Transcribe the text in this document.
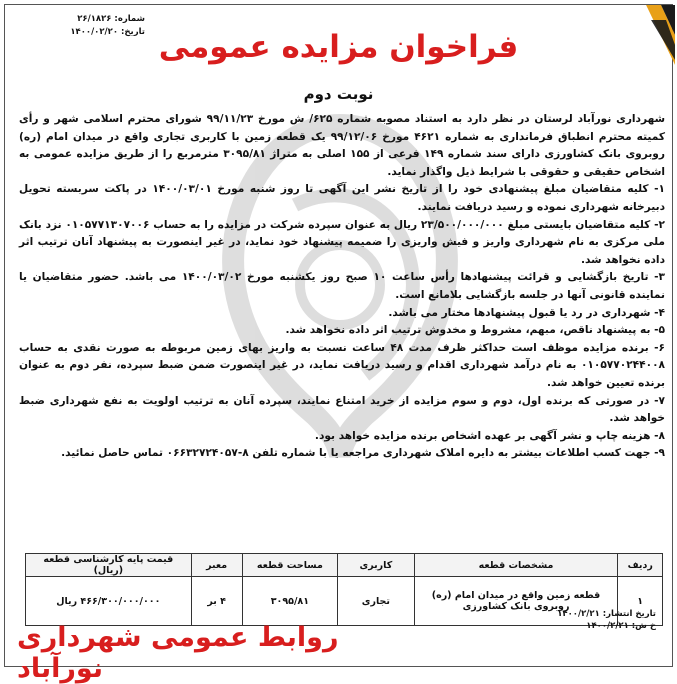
شماره: ۲۶/۱۸۲۶
تاریخ: ۱۴۰۰/۰۲/۲۰ فراخوان مزایده عمومی
نوبت دوم

شهرداری نورآباد لرستان در نظر دارد به استناد مصوبه شماره ۶۲۵/ ش مورخ ۹۹/۱۱/۲۳ شورای محترم اسلامی شهر و رأی کمیته محترم انطباق فرمانداری به شماره ۴۶۲۱ مورخ ۹۹/۱۲/۰۶ یک قطعه زمین با کاربری تجاری واقع در میدان امام (ره) روبروی بانک کشاورزی دارای سند شماره ۱۴۹ فرعی از ۱۵۵ اصلی به متراژ ۳۰۹۵/۸۱ مترمربع را از طریق مزایده عمومی به اشخاص حقیقی و حقوقی با شرایط ذیل واگذار نماید.

۱- کلیه متقاضیان مبلغ پیشنهادی خود را از تاریخ نشر این آگهی تا روز شنبه مورخ ۱۴۰۰/۰۳/۰۱ در پاکت سربسته تحویل دبیرخانه شهرداری نموده و رسید دریافت نمایند.

۲- کلیه متقاضیان بایستی مبلغ ۲۳/۵۰۰/۰۰۰/۰۰۰ ریال به عنوان سپرده شرکت در مزایده را به حساب ۰۱۰۵۷۷۱۳۰۷۰۰۶ نزد بانک ملی مرکزی به نام شهرداری واریز و فیش واریزی را ضمیمه پیشنهاد خود نماید، در غیر اینصورت به پیشنهاد آنان ترتیب اثر داده نخواهد شد.

۳- تاریخ بازگشایی و قرائت پیشنهادها رأس ساعت ۱۰ صبح روز یکشنبه مورخ ۱۴۰۰/۰۳/۰۲ می باشد. حضور متقاضیان یا نماینده قانونی آنها در جلسه بازگشایی بلامانع است.

۴- شهرداری در رد یا قبول پیشنهادها مختار می باشد.

۵- به پیشنهاد ناقص، مبهم، مشروط و مخدوش ترتیب اثر داده نخواهد شد.

۶- برنده مزایده موظف است حداکثر ظرف مدت ۴۸ ساعت نسبت به واریز بهای زمین مربوطه به صورت نقدی به حساب ۰۱۰۵۷۷۰۲۴۴۰۰۸ به نام درآمد شهرداری اقدام و رسید دریافت نماید، در غیر اینصورت ضمن ضبط سپرده، نفر دوم به عنوان برنده تعیین خواهد شد.

۷- در صورتی که برنده اول، دوم و سوم مزایده از خرید امتناع نمایند، سپرده آنان به ترتیب اولویت به نفع شهرداری ضبط خواهد شد.

۸- هزینه چاپ و نشر آگهی بر عهده اشخاص برنده مزایده خواهد بود.

۹- جهت کسب اطلاعات بیشتر به دایره املاک شهرداری مراجعه یا با شماره تلفن ۸-۰۶۶۳۲۷۲۴۰۵۷ تماس حاصل نمائید.

ردیف	مشخصات قطعه	کاربری	مساحت قطعه	معبر	قیمت پایه کارشناسی قطعه (ریال)
۱	قطعه زمین واقع در میدان امام (ره) روبروی بانک کشاورزی	تجاری	۳۰۹۵/۸۱	۴ بر	۴۶۶/۳۰۰/۰۰۰/۰۰۰ ریال
تاریخ انتشار: ۱۴۰۰/۲/۲۱
خ ش: ۱۴۰۰/۲/۲۱
روابط عمومی شهرداری نورآباد
